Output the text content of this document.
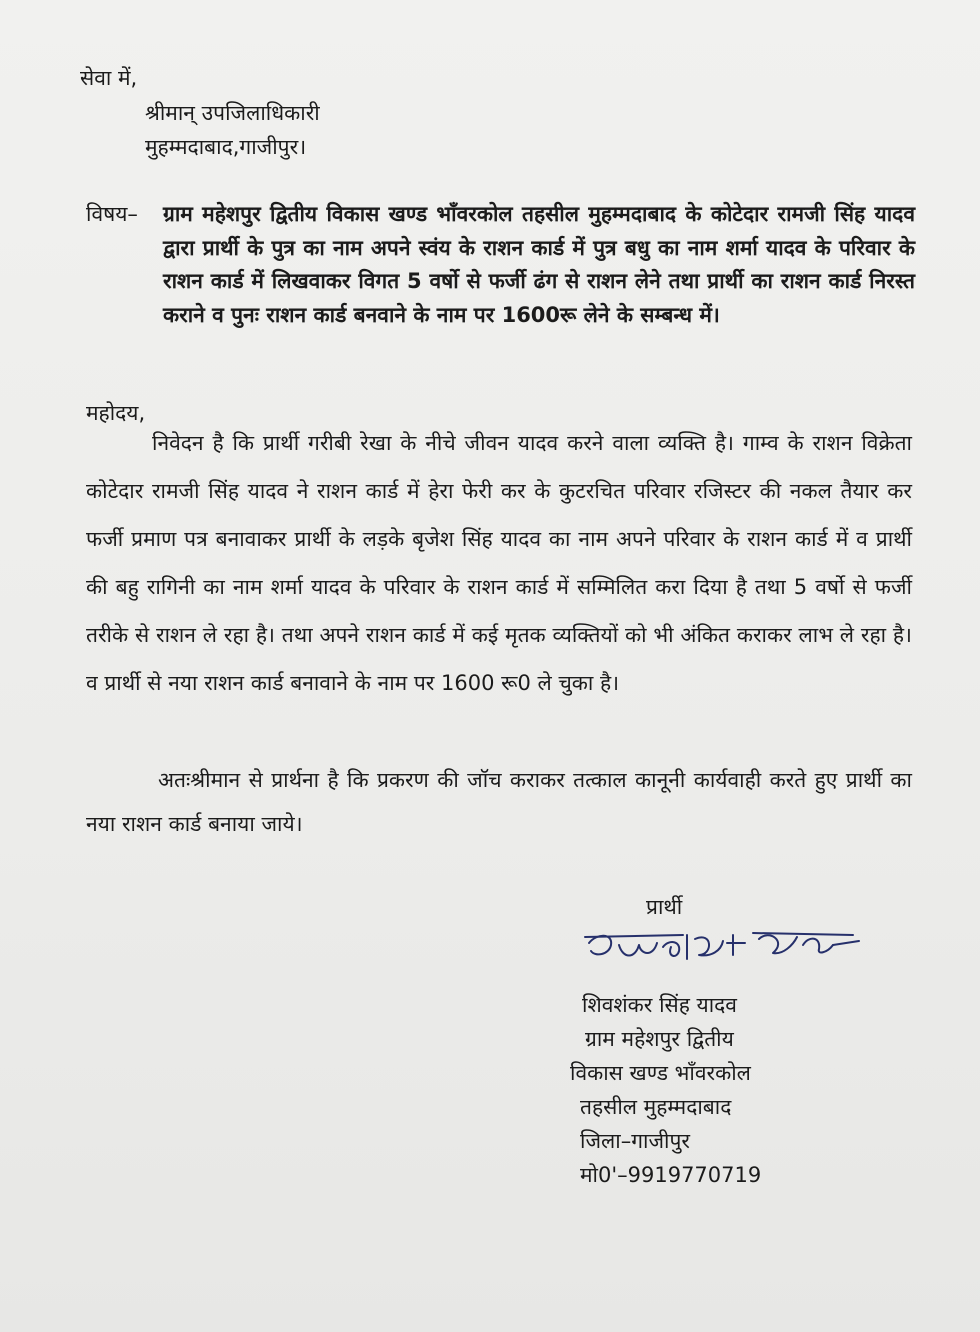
सेवा में,
श्रीमान् उपजिलाधिकारी
मुहम्मदाबाद,गाजीपुर।
विषय– ग्राम महेशपुर द्वितीय विकास खण्ड भाँवरकोल तहसील मुहम्मदाबाद के कोटेदार रामजी सिंह यादव द्वारा प्रार्थी के पुत्र का नाम अपने स्वंय के राशन कार्ड में पुत्र बधु का नाम शर्मा यादव के परिवार के राशन कार्ड में लिखवाकर विगत 5 वर्षो से फर्जी ढंग से राशन लेने तथा प्रार्थी का राशन कार्ड निरस्त कराने व पुनः राशन कार्ड बनवाने के नाम पर 1600रू लेने के सम्बन्ध में।
महोदय,
निवेदन है कि प्रार्थी गरीबी रेखा के नीचे जीवन यादव करने वाला व्यक्ति है। गाम्व के राशन विक्रेता कोटेदार रामजी सिंह यादव ने राशन कार्ड में हेरा फेरी कर के कुटरचित परिवार रजिस्टर की नकल तैयार कर फर्जी प्रमाण पत्र बनावाकर प्रार्थी के लड़के बृजेश सिंह यादव का नाम अपने परिवार के राशन कार्ड में व प्रार्थी की बहु रागिनी का नाम शर्मा यादव के परिवार के राशन कार्ड में सम्मिलित करा दिया है तथा 5 वर्षो से फर्जी तरीके से राशन ले रहा है। तथा अपने राशन कार्ड में कई मृतक व्यक्तियों को भी अंकित कराकर लाभ ले रहा है। व प्रार्थी से नया राशन कार्ड बनावाने के नाम पर 1600 रू0 ले चुका है।
अतःश्रीमान से प्रार्थना है कि प्रकरण की जॉच कराकर तत्काल कानूनी कार्यवाही करते हुए प्रार्थी का नया राशन कार्ड बनाया जाये।
प्रार्थी
शिवशंकर सिंह यादव
शिवशंकर सिंह यादव
ग्राम महेशपुर द्वितीय
विकास खण्ड भाँवरकोल
तहसील मुहम्मदाबाद
जिला–गाजीपुर
मो0'–9919770719
